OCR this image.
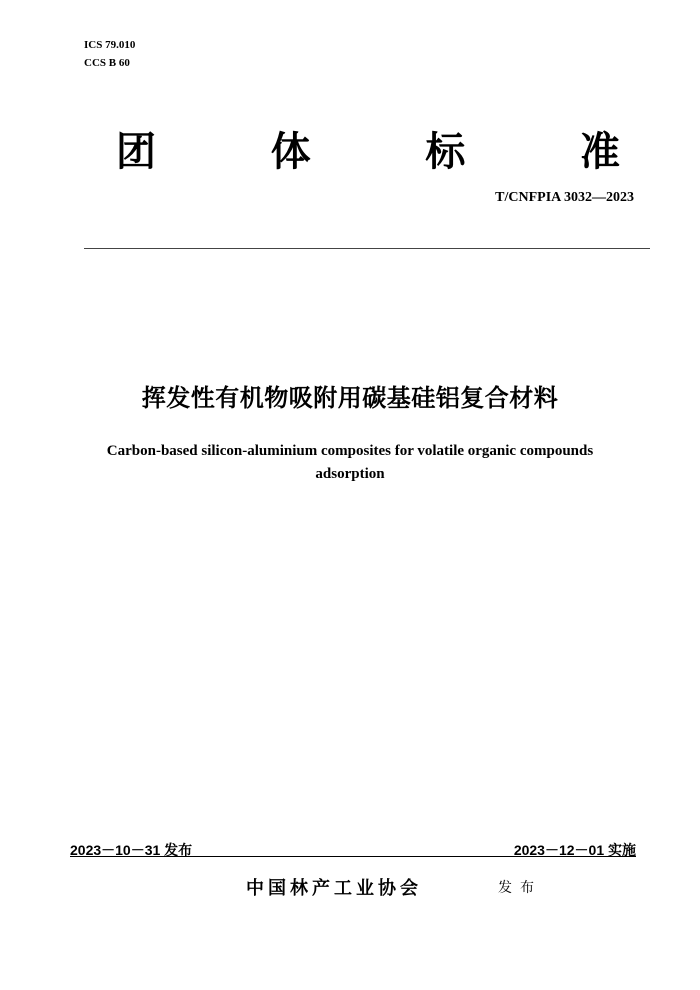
ICS 79.010
CCS B 60
团	体	标	准
T/CNFPIA 3032—2023
挥发性有机物吸附用碳基硅铝复合材料
Carbon-based silicon-aluminium composites for volatile organic compounds
adsorption
2023－10－31 发布	2023－12－01 实施
中国林产工业协会	发布
